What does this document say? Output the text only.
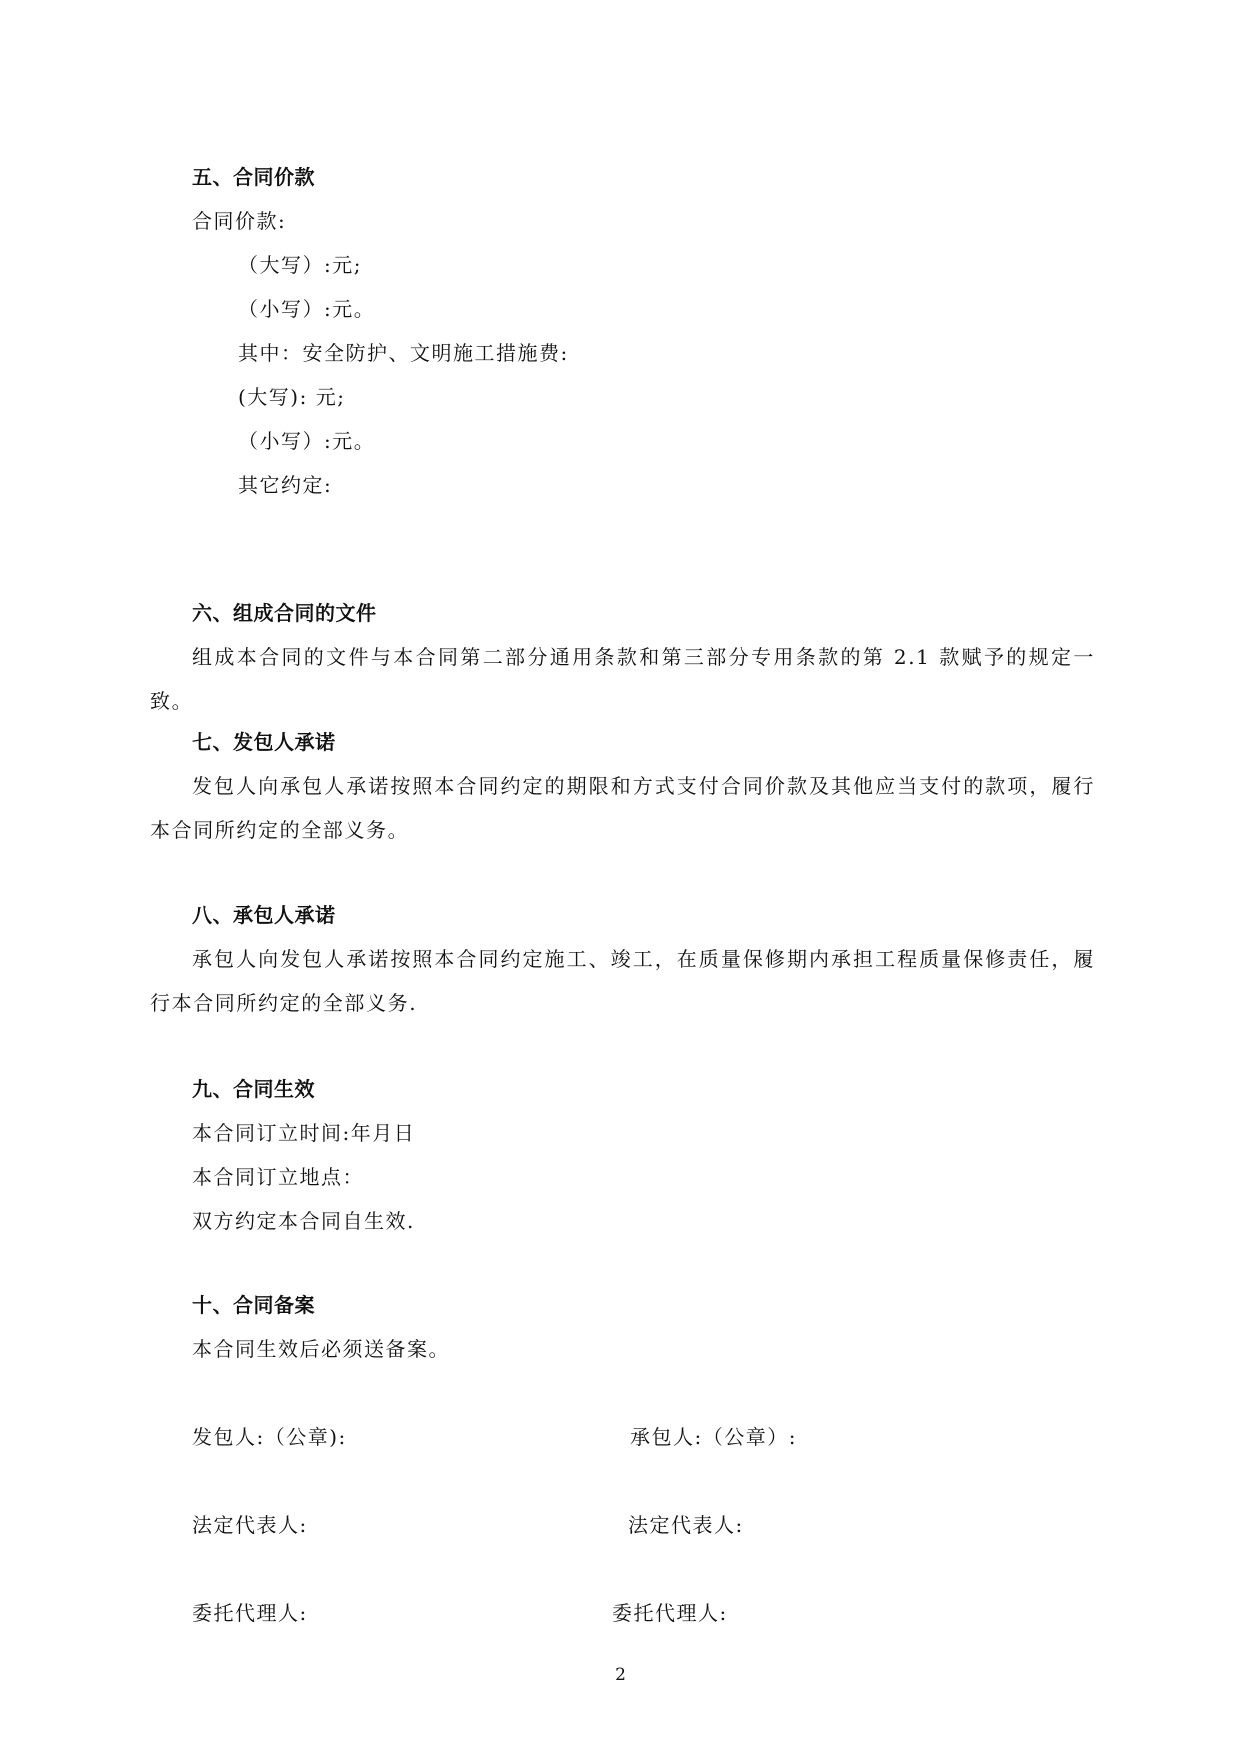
五、合同价款
合同价款:
（大写）:元;
（小写）:元。
其中：安全防护、文明施工措施费:
(大写): 元;
（小写）:元。
其它约定:
六、组成合同的文件
组成本合同的文件与本合同第二部分通用条款和第三部分专用条款的第 2.1 款赋予的规定一致。
七、发包人承诺
发包人向承包人承诺按照本合同约定的期限和方式支付合同价款及其他应当支付的款项，履行本合同所约定的全部义务。
八、承包人承诺
承包人向发包人承诺按照本合同约定施工、竣工，在质量保修期内承担工程质量保修责任，履行本合同所约定的全部义务.
九、合同生效
本合同订立时间:年月日
本合同订立地点：
双方约定本合同自生效.
十、合同备案
本合同生效后必须送备案。
发包人:（公章):	承包人:（公章）:
法定代表人:	法定代表人:
委托代理人:	委托代理人:
2
